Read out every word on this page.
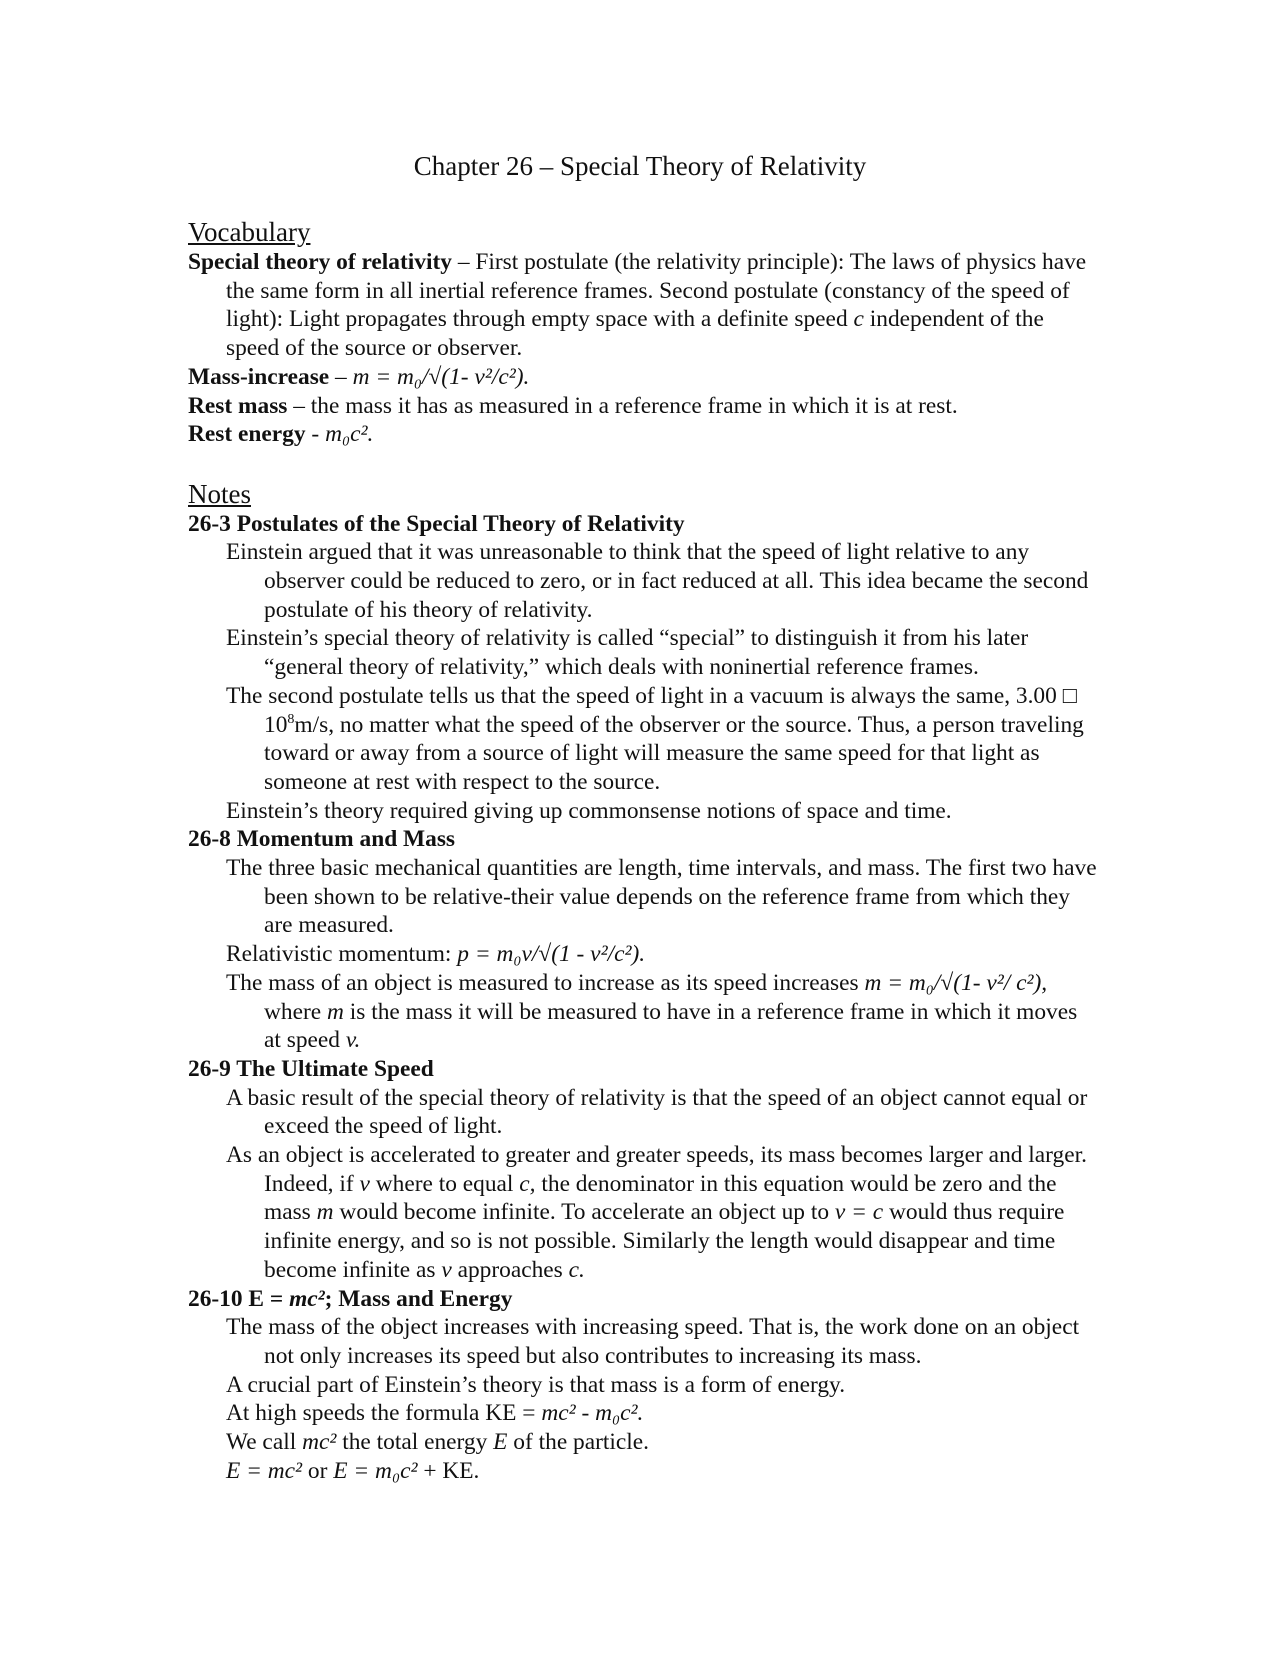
Chapter 26 – Special Theory of Relativity
Vocabulary

Special theory of relativity – First postulate (the relativity principle): The laws of physics have the same form in all inertial reference frames. Second postulate (constancy of the speed of light): Light propagates through empty space with a definite speed c independent of the speed of the source or observer.

Mass-increase – m = m₀/√(1- v²/c²).

Rest mass – the mass it has as measured in a reference frame in which it is at rest.

Rest energy - m₀c².

Notes

26-3 Postulates of the Special Theory of Relativity

Einstein argued that it was unreasonable to think that the speed of light relative to any observer could be reduced to zero, or in fact reduced at all. This idea became the second postulate of his theory of relativity.

Einstein’s special theory of relativity is called “special” to distinguish it from his later “general theory of relativity,” which deals with noninertial reference frames.

The second postulate tells us that the speed of light in a vacuum is always the same, 3.00 □ $10^8m/s$, no matter what the speed of the observer or the source. Thus, a person traveling toward or away from a source of light will measure the same speed for that light as someone at rest with respect to the source.

Einstein’s theory required giving up commonsense notions of space and time.

26-8 Momentum and Mass

The three basic mechanical quantities are length, time intervals, and mass. The first two have been shown to be relative-their value depends on the reference frame from which they are measured.

Relativistic momentum: p = m₀v/√(1 - v²/c²).

The mass of an object is measured to increase as its speed increases m = m₀/√(1- v²/ c²), where m is the mass it will be measured to have in a reference frame in which it moves at speed v.

26-9 The Ultimate Speed

A basic result of the special theory of relativity is that the speed of an object cannot equal or exceed the speed of light.

As an object is accelerated to greater and greater speeds, its mass becomes larger and larger. Indeed, if v where to equal c, the denominator in this equation would be zero and the mass m would become infinite. To accelerate an object up to v = c would thus require infinite energy, and so is not possible. Similarly the length would disappear and time become infinite as v approaches c.

26-10 E = mc²; Mass and Energy

The mass of the object increases with increasing speed. That is, the work done on an object not only increases its speed but also contributes to increasing its mass.

A crucial part of Einstein’s theory is that mass is a form of energy.

At high speeds the formula KE = mc² - m₀c².

We call mc² the total energy E of the particle.

E = mc² or E = m₀c² + KE.
